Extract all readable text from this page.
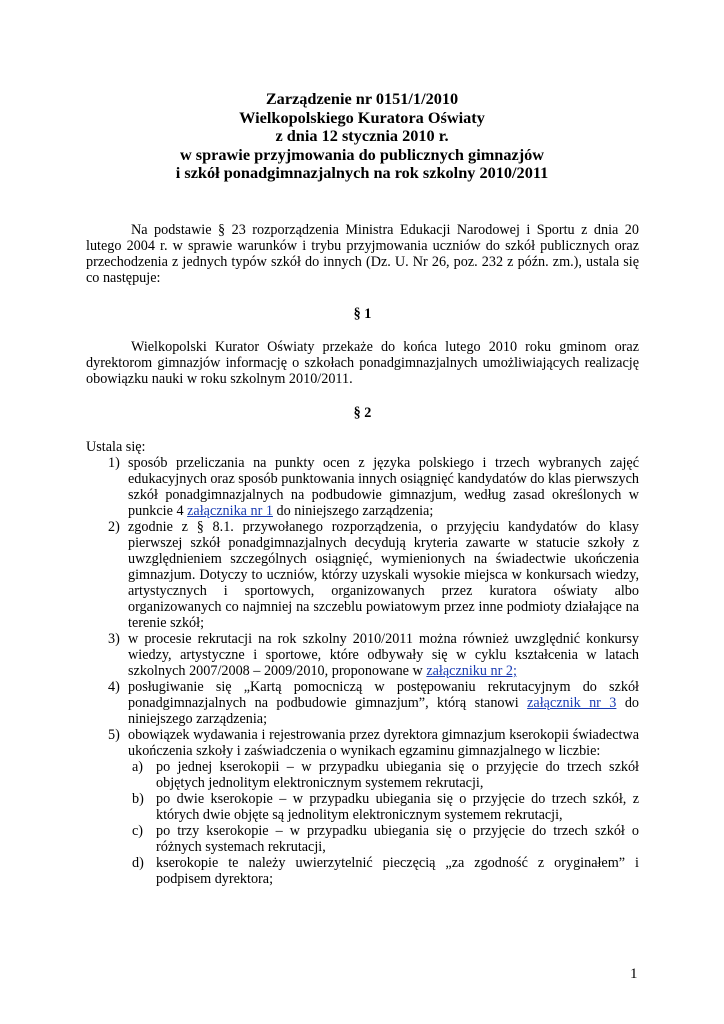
Zarządzenie nr 0151/1/2010
Wielkopolskiego Kuratora Oświaty
z dnia 12 stycznia 2010 r.
w sprawie przyjmowania do publicznych gimnazjów
i szkół ponadgimnazjalnych na rok szkolny 2010/2011

Na podstawie § 23 rozporządzenia Ministra Edukacji Narodowej i Sportu z dnia 20 lutego 2004 r. w sprawie warunków i trybu przyjmowania uczniów do szkół publicznych oraz przechodzenia z jednych typów szkół do innych (Dz. U. Nr 26, poz. 232 z późn. zm.), ustala się co następuje:

§ 1

Wielkopolski Kurator Oświaty przekaże do końca lutego 2010 roku gminom oraz dyrektorom gimnazjów informację o szkołach ponadgimnazjalnych umożliwiających realizację obowiązku nauki w roku szkolnym 2010/2011.

§ 2
Ustala się:
1) sposób przeliczania na punkty ocen z języka polskiego i trzech wybranych zajęć edukacyjnych oraz sposób punktowania innych osiągnięć kandydatów do klas pierwszych szkół ponadgimnazjalnych na podbudowie gimnazjum, według zasad określonych w punkcie 4 załącznika nr 1 do niniejszego zarządzenia;
2) zgodnie z § 8.1. przywołanego rozporządzenia, o przyjęciu kandydatów do klasy pierwszej szkół ponadgimnazjalnych decydują kryteria zawarte w statucie szkoły z uwzględnieniem szczególnych osiągnięć, wymienionych na świadectwie ukończenia gimnazjum. Dotyczy to uczniów, którzy uzyskali wysokie miejsca w konkursach wiedzy, artystycznych i sportowych, organizowanych przez kuratora oświaty albo organizowanych co najmniej na szczeblu powiatowym przez inne podmioty działające na terenie szkół;
3) w procesie rekrutacji na rok szkolny 2010/2011 można również uwzględnić konkursy wiedzy, artystyczne i sportowe, które odbywały się w cyklu kształcenia w latach szkolnych 2007/2008 – 2009/2010, proponowane w załączniku nr 2;
4) posługiwanie się „Kartą pomocniczą w postępowaniu rekrutacyjnym do szkół ponadgimnazjalnych na podbudowie gimnazjum”, którą stanowi załącznik nr 3 do niniejszego zarządzenia;
5) obowiązek wydawania i rejestrowania przez dyrektora gimnazjum kserokopii świadectwa ukończenia szkoły i zaświadczenia o wynikach egzaminu gimnazjalnego w liczbie:
a) po jednej kserokopii – w przypadku ubiegania się o przyjęcie do trzech szkół objętych jednolitym elektronicznym systemem rekrutacji,
b) po dwie kserokopie – w przypadku ubiegania się o przyjęcie do trzech szkół, z których dwie objęte są jednolitym elektronicznym systemem rekrutacji,
c) po trzy kserokopie – w przypadku ubiegania się o przyjęcie do trzech szkół o różnych systemach rekrutacji,
d) kserokopie te należy uwierzytelnić pieczęcią „za zgodność z oryginałem” i podpisem dyrektora;
1
